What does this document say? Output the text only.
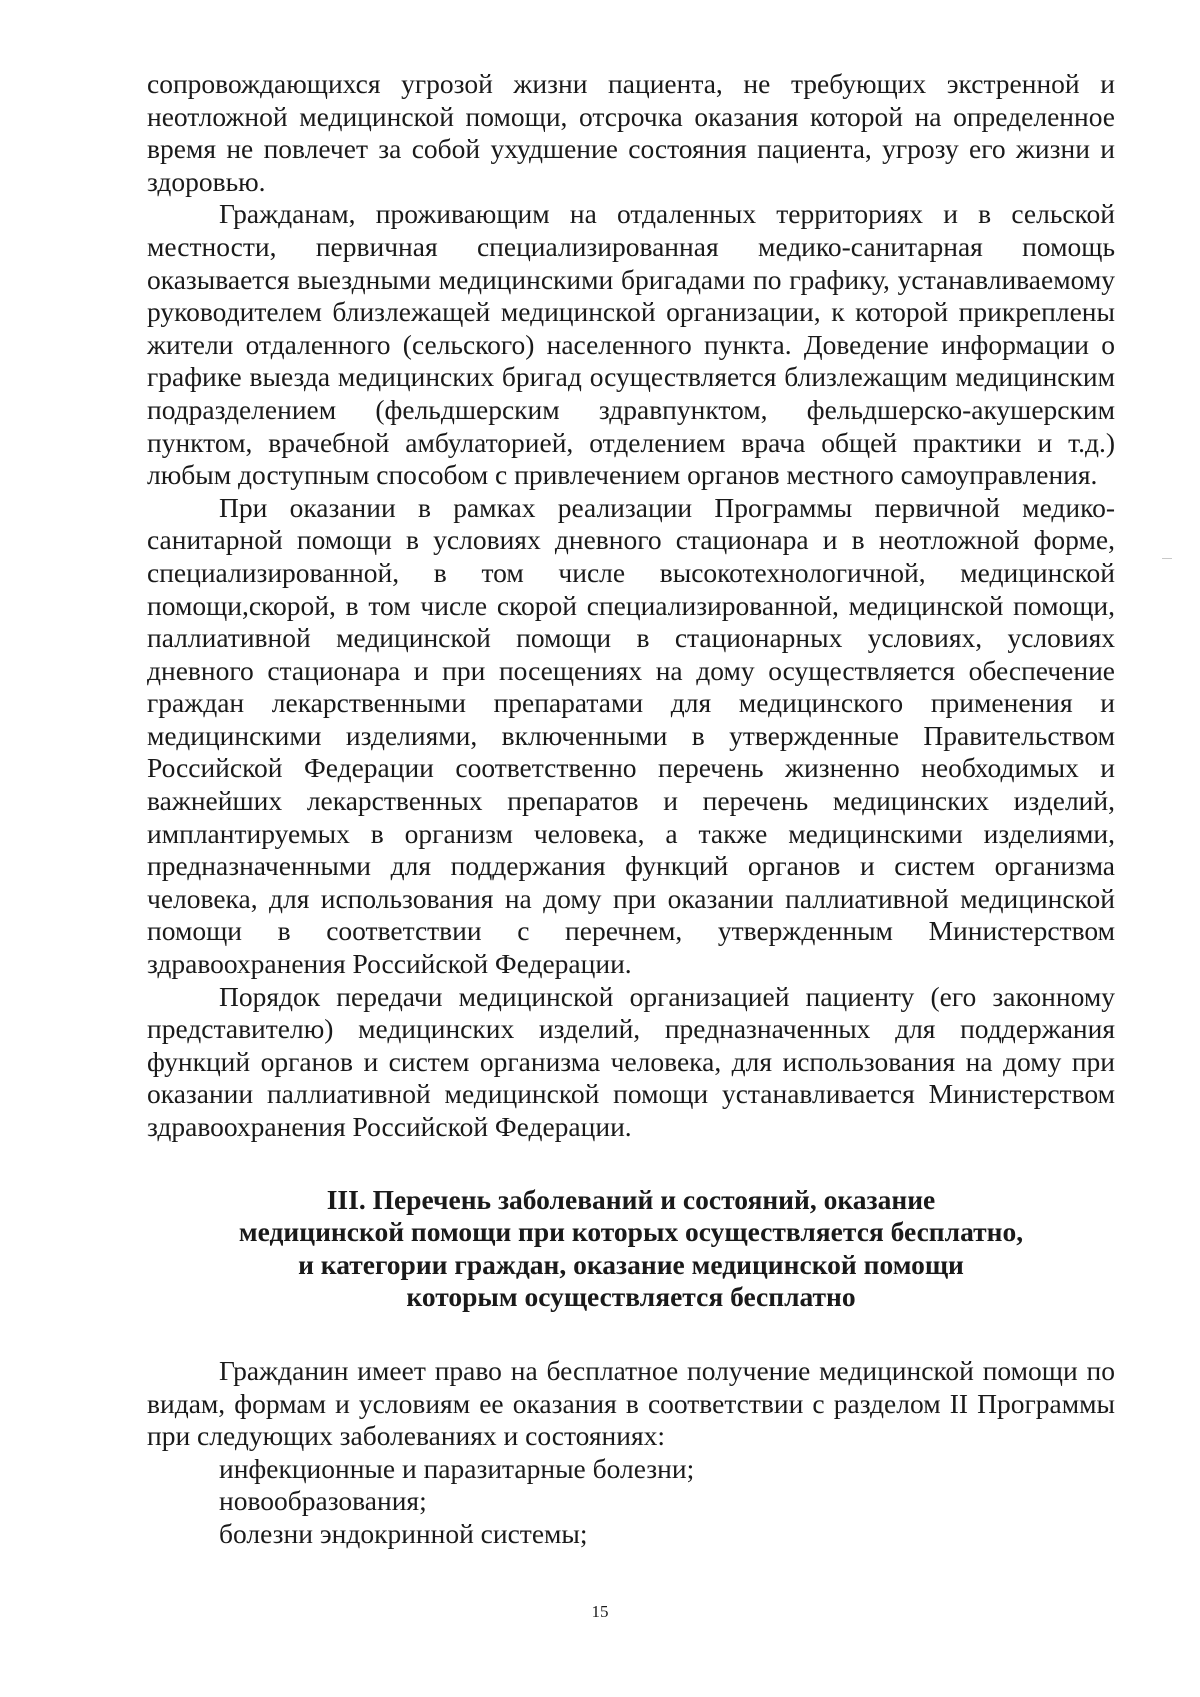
сопровождающихся угрозой жизни пациента, не требующих экстренной и неотложной медицинской помощи, отсрочка оказания которой на определенное время не повлечет за собой ухудшение состояния пациента, угрозу его жизни и здоровью.

Гражданам, проживающим на отдаленных территориях и в сельской местности, первичная специализированная медико-санитарная помощь оказывается выездными медицинскими бригадами по графику, устанавливаемому руководителем близлежащей медицинской организации, к которой прикреплены жители отдаленного (сельского) населенного пункта. Доведение информации о графике выезда медицинских бригад осуществляется близлежащим медицинским подразделением (фельдшерским здравпунктом, фельдшерско-акушерским пунктом, врачебной амбулаторией, отделением врача общей практики и т.д.) любым доступным способом с привлечением органов местного самоуправления.

При оказании в рамках реализации Программы первичной медико-санитарной помощи в условиях дневного стационара и в неотложной форме, специализированной, в том числе высокотехнологичной, медицинской помощи,скорой, в том числе скорой специализированной, медицинской помощи, паллиативной медицинской помощи в стационарных условиях, условиях дневного стационара и при посещениях на дому осуществляется обеспечение граждан лекарственными препаратами для медицинского применения и медицинскими изделиями, включенными в утвержденные Правительством Российской Федерации соответственно перечень жизненно необходимых и важнейших лекарственных препаратов и перечень медицинских изделий, имплантируемых в организм человека, а также медицинскими изделиями, предназначенными для поддержания функций органов и систем организма человека, для использования на дому при оказании паллиативной медицинской помощи в соответствии с перечнем, утвержденным Министерством здравоохранения Российской Федерации.

Порядок передачи медицинской организацией пациенту (его законному представителю) медицинских изделий, предназначенных для поддержания функций органов и систем организма человека, для использования на дому при оказании паллиативной медицинской помощи устанавливается Министерством здравоохранения Российской Федерации.

III. Перечень заболеваний и состояний, оказание
медицинской помощи при которых осуществляется бесплатно,
и категории граждан, оказание медицинской помощи
которым осуществляется бесплатно

Гражданин имеет право на бесплатное получение медицинской помощи по видам, формам и условиям ее оказания в соответствии с разделом II Программы при следующих заболеваниях и состояниях:

инфекционные и паразитарные болезни;

новообразования;

болезни эндокринной системы;

15
